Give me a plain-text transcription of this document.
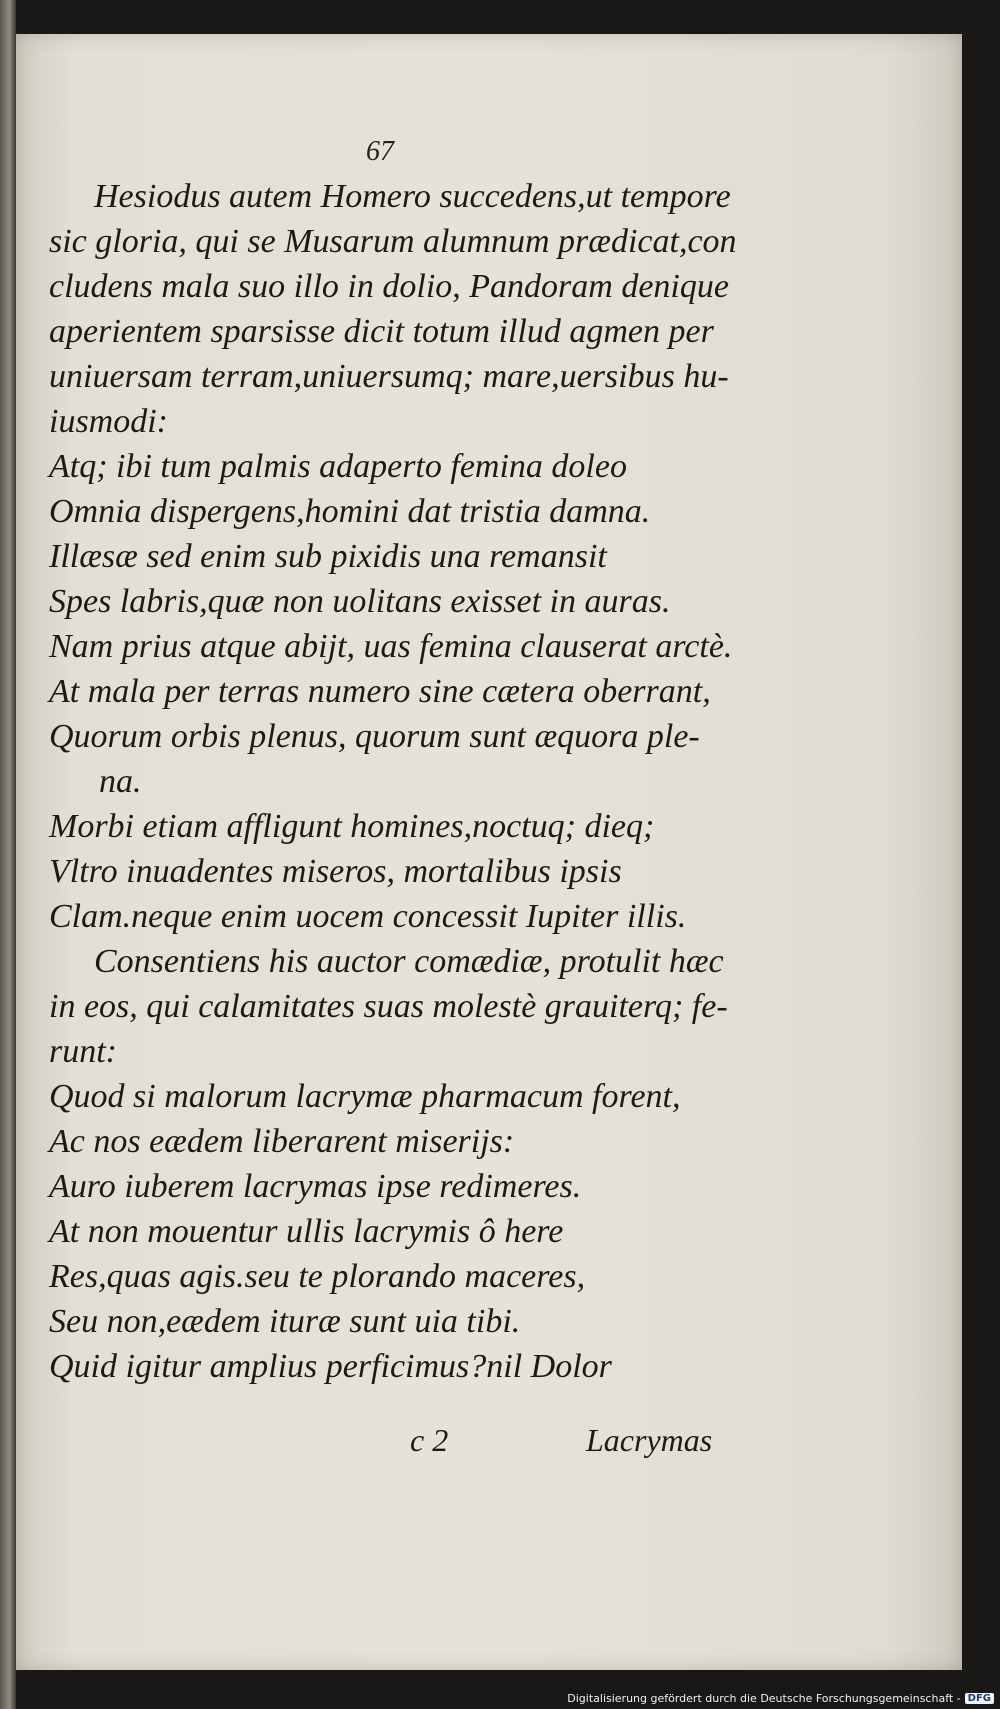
67
Hesiodus autem Homero succedens,ut tempore
sic gloria, qui se Musarum alumnum prædicat,con
cludens mala suo illo in dolio, Pandoram denique
aperientem sparsisse dicit totum illud agmen per
uniuersam terram,uniuersumq; mare,uersibus hu-
iusmodi:
Atq; ibi tum palmis adaperto femina doleo
Omnia dispergens,homini dat tristia damna.
Illæsæ sed enim sub pixidis una remansit
Spes labris,quæ non uolitans exisset in auras.
Nam prius atque abijt, uas femina clauserat arctè.
At mala per terras numero sine cætera oberrant,
Quorum orbis plenus, quorum sunt æquora ple-
na.
Morbi etiam affligunt homines,noctuq; dieq;
Vltro inuadentes miseros, mortalibus ipsis
Clam.neque enim uocem concessit Iupiter illis.
Consentiens his auctor comædiæ, protulit hæc
in eos, qui calamitates suas molestè grauiterq; fe-
runt:
Quod si malorum lacrymæ pharmacum forent,
Ac nos eædem liberarent miserijs:
Auro iuberem lacrymas ipse redimeres.
At non mouentur ullis lacrymis ô here
Res,quas agis.seu te plorando maceres,
Seu non,eædem ituræ sunt uia tibi.
Quid igitur amplius perficimus?nil Dolor
c 2	Lacrymas
Digitalisierung gefördert durch die Deutsche Forschungsgemeinschaft - DFG
